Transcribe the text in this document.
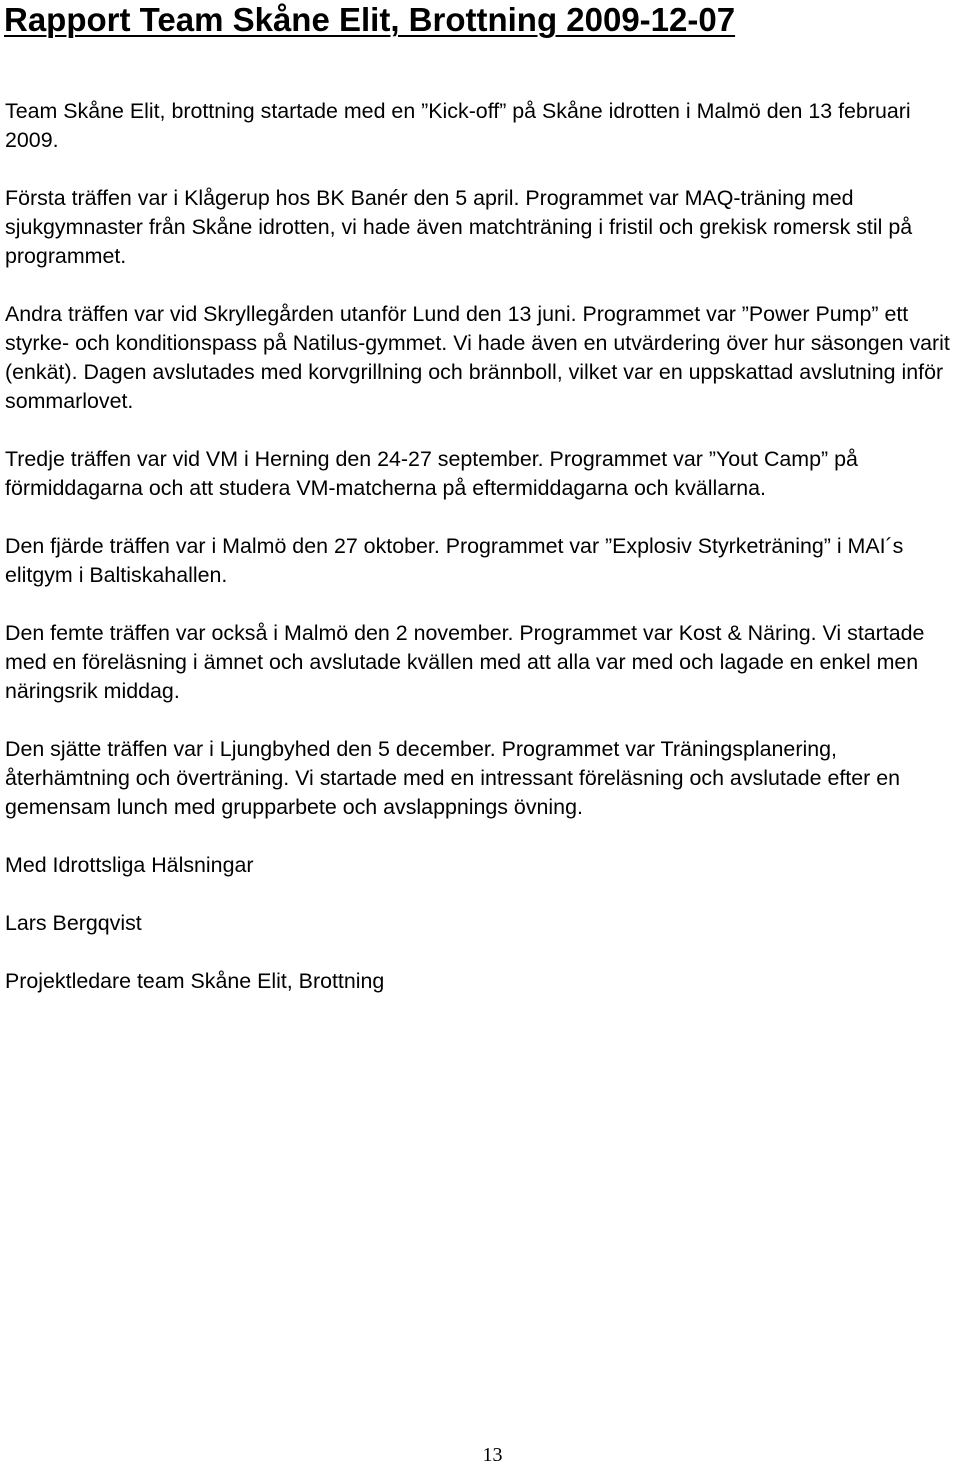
Rapport Team Skåne Elit, Brottning 2009-12-07

Team Skåne Elit, brottning startade med en ”Kick-off” på Skåne idrotten i Malmö den 13 februari 2009.

Första träffen var i Klågerup hos BK Banér den 5 april. Programmet var MAQ-träning med sjukgymnaster från Skåne idrotten, vi hade även matchträning i fristil och grekisk romersk stil på programmet.

Andra träffen var vid Skryllegården utanför Lund den 13 juni. Programmet var ”Power Pump” ett styrke- och konditionspass på Natilus-gymmet. Vi hade även en utvärdering över hur säsongen varit (enkät). Dagen avslutades med korvgrillning och brännboll, vilket var en uppskattad avslutning inför sommarlovet.

Tredje träffen var vid VM i Herning den 24-27 september. Programmet var ”Yout Camp” på förmiddagarna och att studera VM-matcherna på eftermiddagarna och kvällarna.

Den fjärde träffen var i Malmö den 27 oktober. Programmet var ”Explosiv Styrketräning” i MAI´s elitgym i Baltiskahallen.

Den femte träffen var också i Malmö den 2 november. Programmet var Kost & Näring. Vi startade med en föreläsning i ämnet och avslutade kvällen med att alla var med och lagade en enkel men näringsrik middag.

Den sjätte träffen var i Ljungbyhed den 5 december. Programmet var Träningsplanering, återhämtning och överträning. Vi startade med en intressant föreläsning och avslutade efter en gemensam lunch med grupparbete och avslappnings övning.

Med Idrottsliga Hälsningar

Lars Bergqvist

Projektledare team Skåne Elit, Brottning

13
